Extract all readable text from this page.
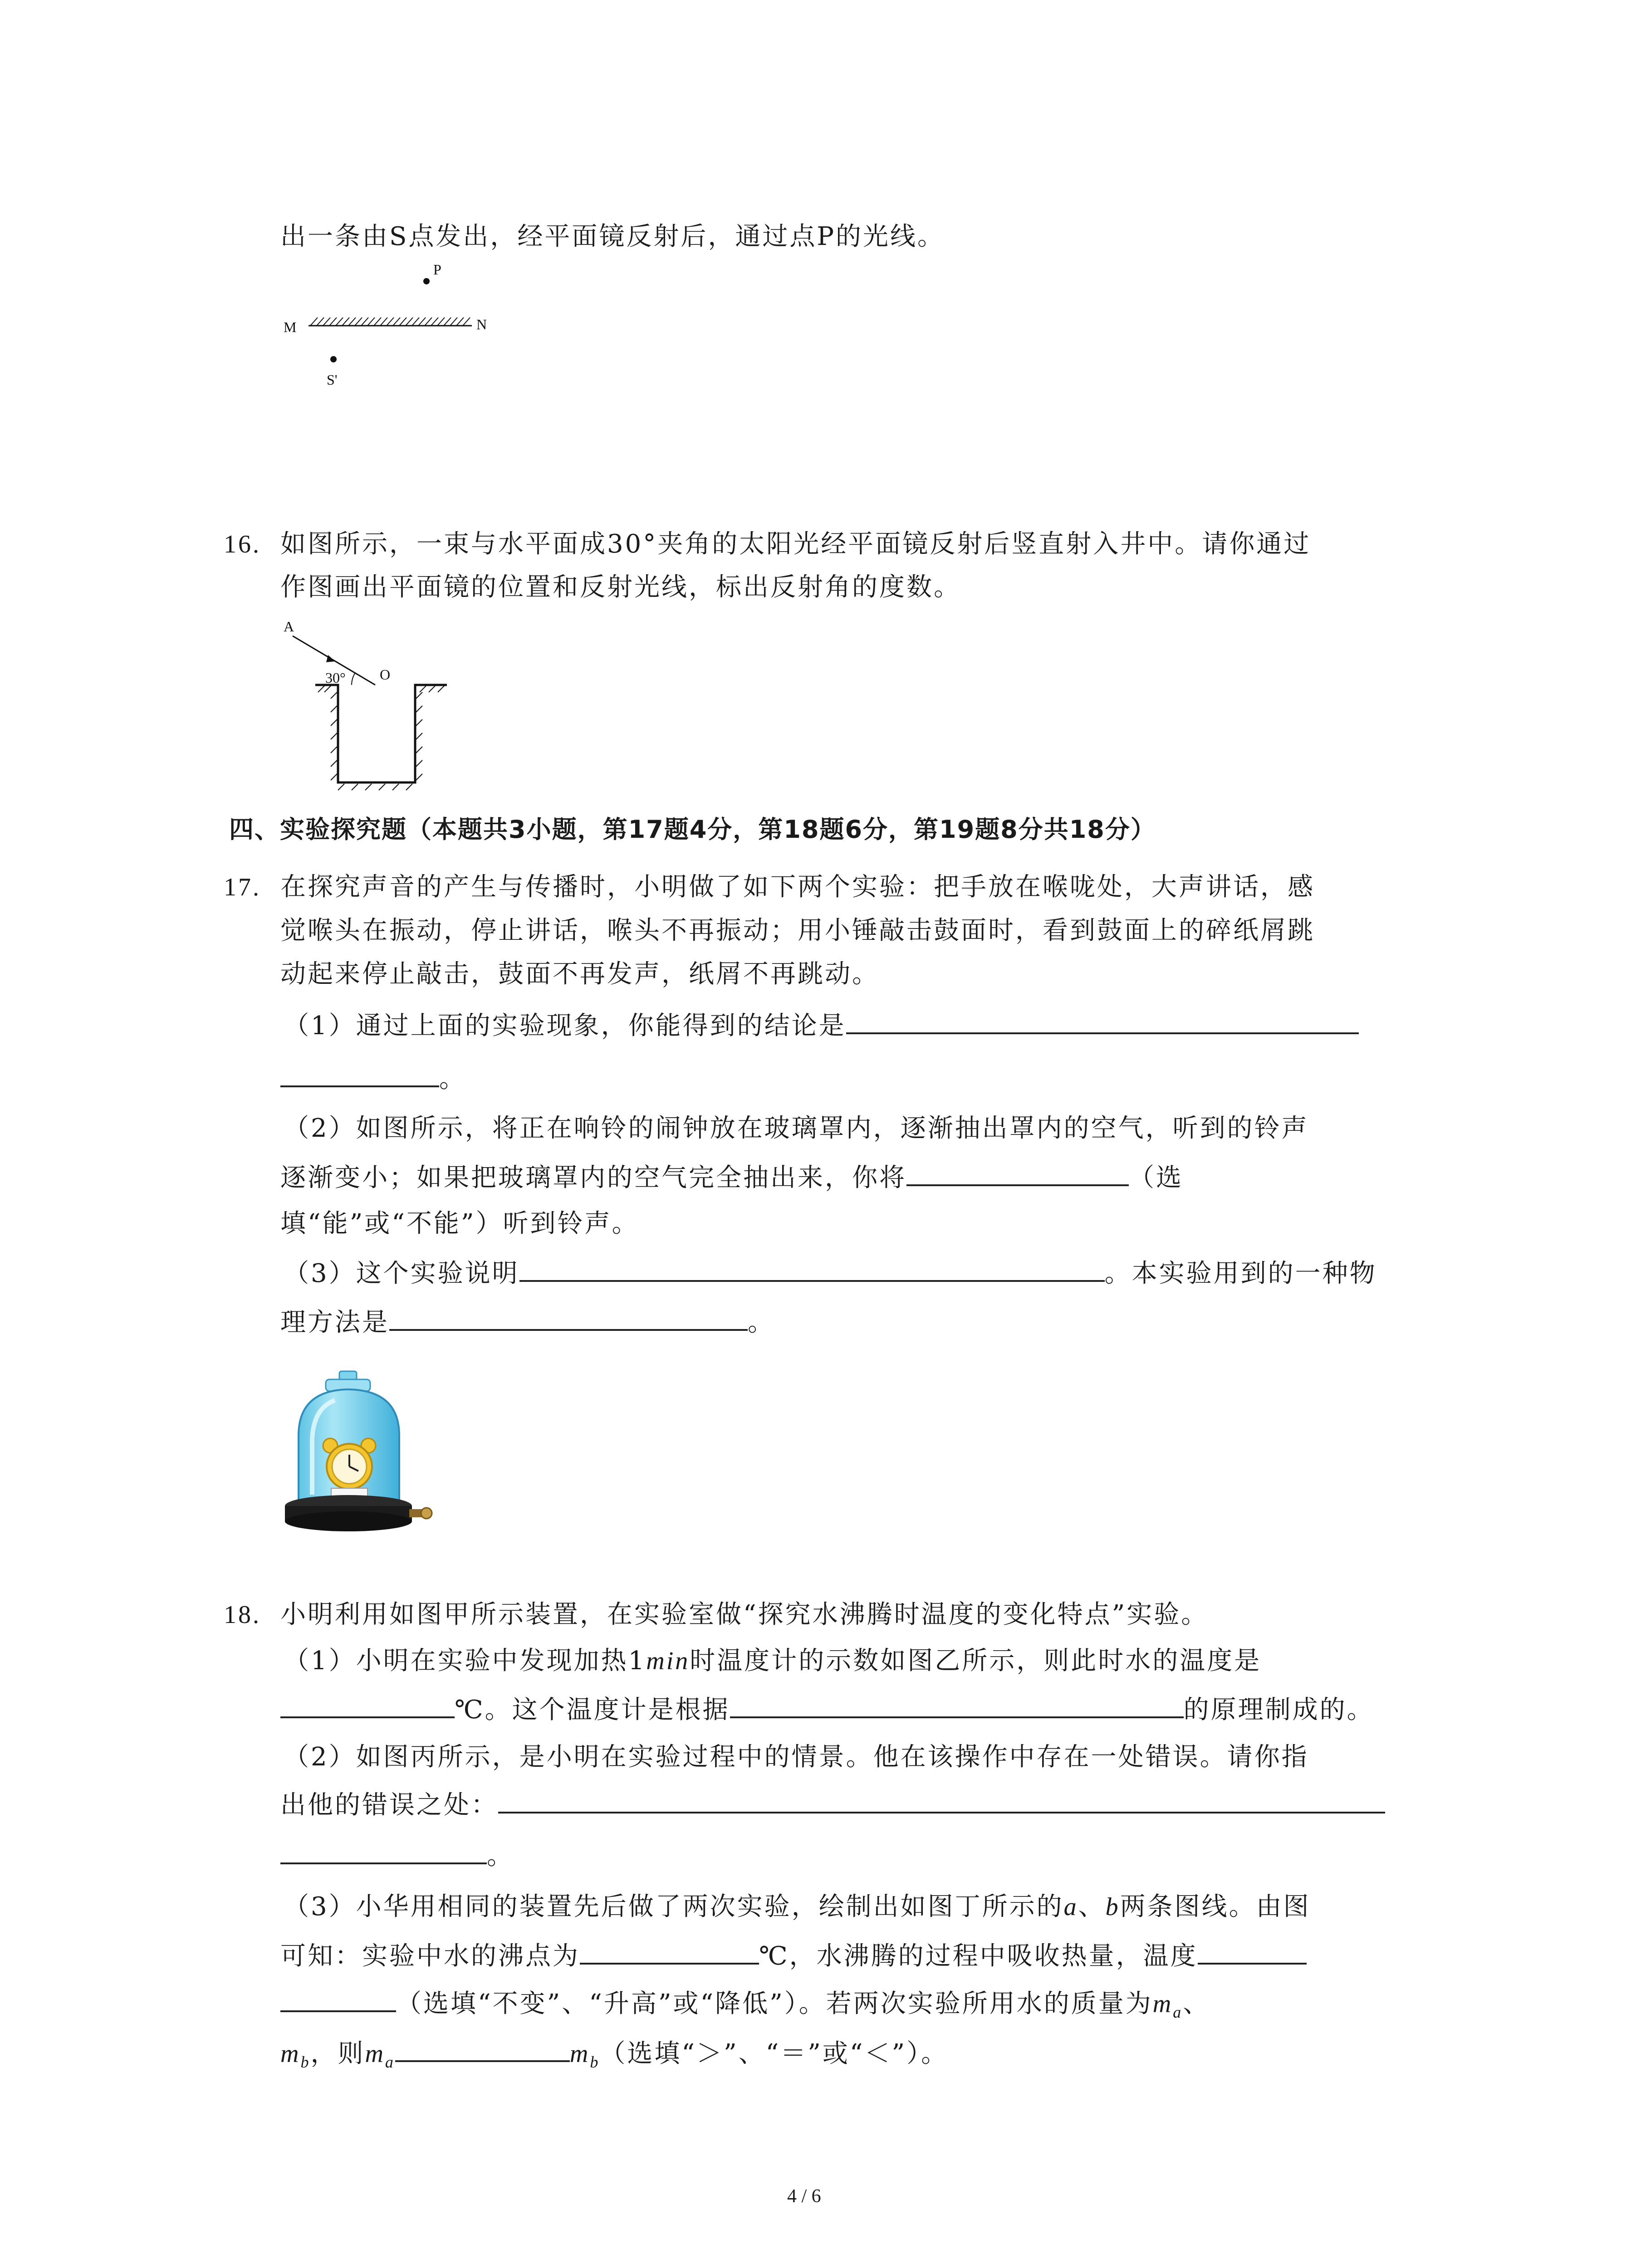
出一条由S点发出，经平面镜反射后，通过点P的光线。
P
M	N
S'
16. 如图所示，一束与水平面成30°夹角的太阳光经平面镜反射后竖直射入井中。请你通过
作图画出平面镜的位置和反射光线，标出反射角的度数。
A
30° O
四、实验探究题（本题共3小题，第17题4分，第18题6分，第19题8分共18分）
17. 在探究声音的产生与传播时，小明做了如下两个实验：把手放在喉咙处，大声讲话，感
觉喉头在振动，停止讲话，喉头不再振动；用小锤敲击鼓面时，看到鼓面上的碎纸屑跳
动起来停止敲击，鼓面不再发声，纸屑不再跳动。
（1）通过上面的实验现象，你能得到的结论是
。
（2）如图所示，将正在响铃的闹钟放在玻璃罩内，逐渐抽出罩内的空气，听到的铃声
逐渐变小；如果把玻璃罩内的空气完全抽出来，你将	（选
填“能”或“不能”）听到铃声。
（3）这个实验说明	。本实验用到的一种物
理方法是	。
18. 小明利用如图甲所示装置，在实验室做“探究水沸腾时温度的变化特点”实验。
（1）小明在实验中发现加热1min时温度计的示数如图乙所示，则此时水的温度是
℃。这个温度计是根据	的原理制成的。
（2）如图丙所示，是小明在实验过程中的情景。他在该操作中存在一处错误。请你指
出他的错误之处：
。
（3）小华用相同的装置先后做了两次实验，绘制出如图丁所示的a、b两条图线。由图
可知：实验中水的沸点为	℃，水沸腾的过程中吸收热量，温度
（选填“不变”、“升高”或“降低”）。若两次实验所用水的质量为$m_a$、
$m_b$，则$m_a$	$m_b$（选填“＞”、“＝”或“＜”）。
4 / 6
